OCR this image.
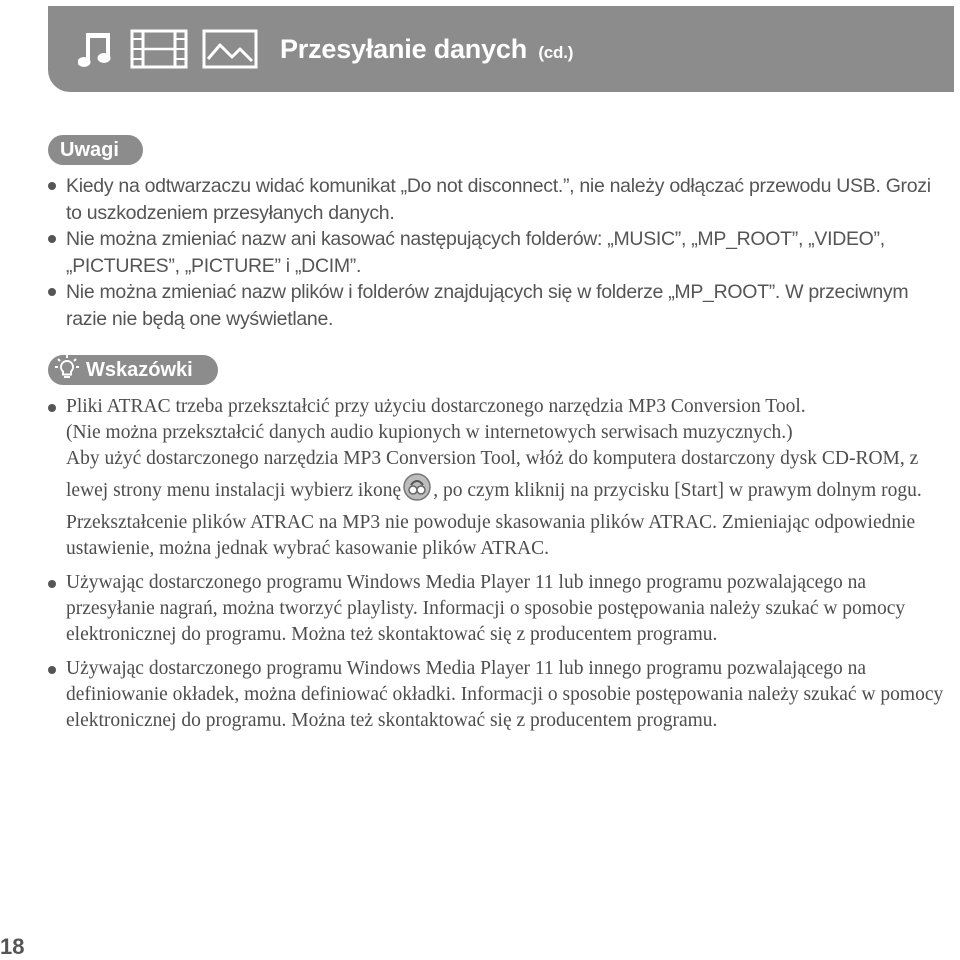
Przesyłanie danych (cd.)
Uwagi
Kiedy na odtwarzaczu widać komunikat „Do not disconnect.”, nie należy odłączać przewodu USB. Grozi to uszkodzeniem przesyłanych danych.
Nie można zmieniać nazw ani kasować następujących folderów: „MUSIC”, „MP_ROOT”, „VIDEO”, „PICTURES”, „PICTURE” i „DCIM”.
Nie można zmieniać nazw plików i folderów znajdujących się w folderze „MP_ROOT”. W przeciwnym razie nie będą one wyświetlane.
Wskazówki
Pliki ATRAC trzeba przekształcić przy użyciu dostarczonego narzędzia MP3 Conversion Tool.
(Nie można przekształcić danych audio kupionych w internetowych serwisach muzycznych.)
Aby użyć dostarczonego narzędzia MP3 Conversion Tool, włóż do komputera dostarczony dysk CD-ROM, z lewej strony menu instalacji wybierz ikonę , po czym kliknij na przycisku [Start] w prawym dolnym rogu.
Przekształcenie plików ATRAC na MP3 nie powoduje skasowania plików ATRAC. Zmieniając odpowiednie ustawienie, można jednak wybrać kasowanie plików ATRAC.
Używając dostarczonego programu Windows Media Player 11 lub innego programu pozwalającego na przesyłanie nagrań, można tworzyć playlisty. Informacji o sposobie postępowania należy szukać w pomocy elektronicznej do programu. Można też skontaktować się z producentem programu.
Używając dostarczonego programu Windows Media Player 11 lub innego programu pozwalającego na definiowanie okładek, można definiować okładki. Informacji o sposobie postępowania należy szukać w pomocy elektronicznej do programu. Można też skontaktować się z producentem programu.
18
